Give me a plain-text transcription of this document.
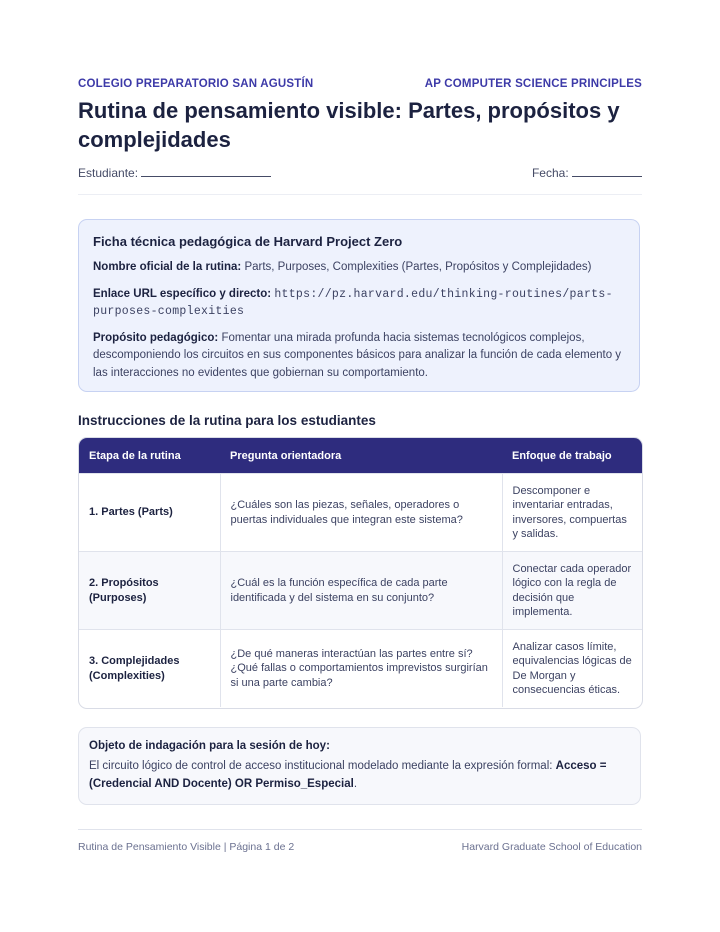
COLEGIO PREPARATORIO SAN AGUSTÍN	AP COMPUTER SCIENCE PRINCIPLES
Rutina de pensamiento visible: Partes, propósitos y complejidades
Estudiante:	Fecha:
Ficha técnica pedagógica de Harvard Project Zero

Nombre oficial de la rutina: Parts, Purposes, Complexities (Partes, Propósitos y Complejidades)

Enlace URL específico y directo: https://pz.harvard.edu/thinking-routines/parts-purposes-complexities

Propósito pedagógico: Fomentar una mirada profunda hacia sistemas tecnológicos complejos, descomponiendo los circuitos en sus componentes básicos para analizar la función de cada elemento y las interacciones no evidentes que gobiernan su comportamiento.

Instrucciones de la rutina para los estudiantes
Etapa de la rutina	Pregunta orientadora	Enfoque de trabajo
1. Partes (Parts)	¿Cuáles son las piezas, señales, operadores o puertas individuales que integran este sistema?	Descomponer e inventariar entradas, inversores, compuertas y salidas.
2. Propósitos (Purposes)	¿Cuál es la función específica de cada parte identificada y del sistema en su conjunto?	Conectar cada operador lógico con la regla de decisión que implementa.
3. Complejidades (Complexities)	¿De qué maneras interactúan las partes entre sí? ¿Qué fallas o comportamientos imprevistos surgirían si una parte cambia?	Analizar casos límite, equivalencias lógicas de De Morgan y consecuencias éticas.
Objeto de indagación para la sesión de hoy:
El circuito lógico de control de acceso institucional modelado mediante la expresión formal: Acceso = (Credencial AND Docente) OR Permiso_Especial.
Rutina de Pensamiento Visible | Página 1 de 2	Harvard Graduate School of Education
